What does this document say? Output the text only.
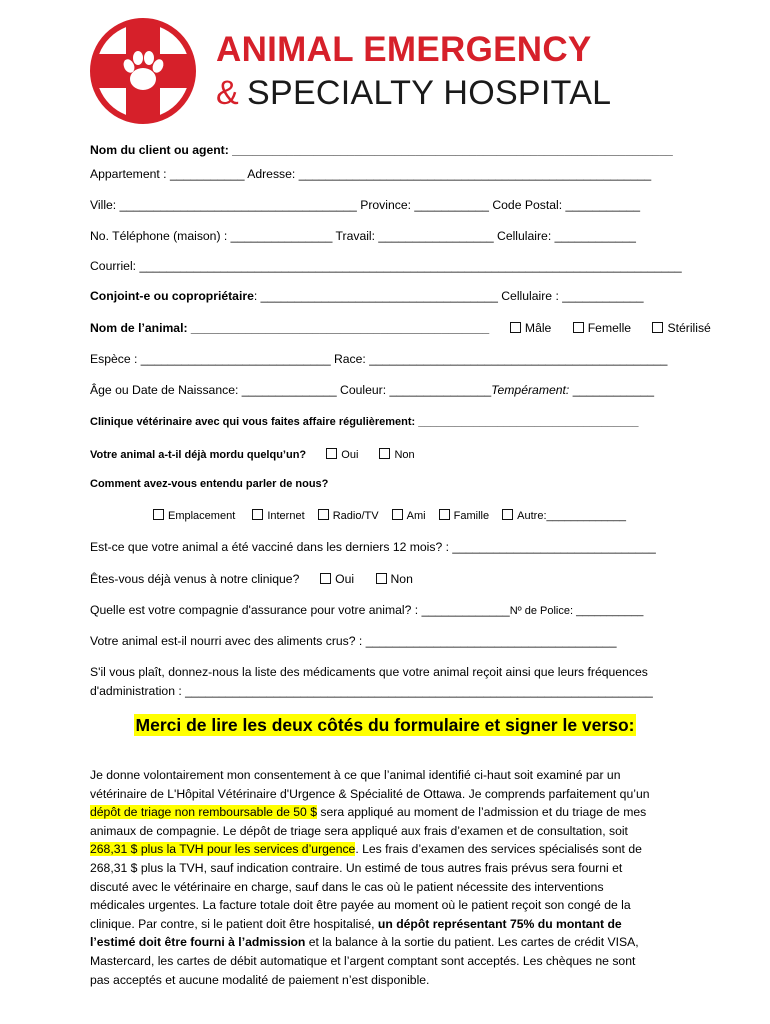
ANIMAL EMERGENCY
& SPECIALTY HOSPITAL
Nom du client ou agent: _________________________________________________________________
Appartement : ___________ Adresse: ____________________________________________________
Ville: ___________________________________ Province: ___________ Code Postal: ___________
No. Téléphone (maison) : _______________ Travail: _________________ Cellulaire: ____________
Courriel: ________________________________________________________________________________
Conjoint-e ou copropriétaire: ___________________________________ Cellulaire : ____________
Nom de l’animal: ____________________________________________	Mâle	Femelle	Stérilisé
Espèce : ____________________________ Race: ____________________________________________
Âge ou Date de Naissance: ______________ Couleur: _______________Tempérament: ____________
Clinique vétérinaire avec qui vous faites affaire régulièrement: ____________________________________
Votre animal a-t-il déjà mordu quelqu’un?	Oui	Non
Comment avez-vous entendu parler de nous?
Emplacement	Internet	Radio/TV	Ami	Famille	Autre:_____________
Est-ce que votre animal a été vacciné dans les derniers 12 mois? : ______________________________
Êtes-vous déjà venus à notre clinique?	Oui	Non
Quelle est votre compagnie d'assurance pour votre animal? : _____________Nº de Police: ___________
Votre animal est-il nourri avec des aliments crus? : _____________________________________
S'il vous plaît, donnez-nous la liste des médicaments que votre animal reçoit ainsi que leurs fréquences
d'administration : _____________________________________________________________________
Merci de lire les deux côtés du formulaire et signer le verso:
Je donne volontairement mon consentement à ce que l’animal identifié ci-haut soit examiné par un
vétérinaire de L'Hôpital Vétérinaire d'Urgence & Spécialité de Ottawa. Je comprends parfaitement qu’un
dépôt de triage non remboursable de 50 $ sera appliqué au moment de l’admission et du triage de mes
animaux de compagnie. Le dépôt de triage sera appliqué aux frais d’examen et de consultation, soit
268,31 $ plus la TVH pour les services d’urgence. Les frais d’examen des services spécialisés sont de
268,31 $ plus la TVH, sauf indication contraire. Un estimé de tous autres frais prévus sera fourni et
discuté avec le vétérinaire en charge, sauf dans le cas où le patient nécessite des interventions
médicales urgentes. La facture totale doit être payée au moment où le patient reçoit son congé de la
clinique. Par contre, si le patient doit être hospitalisé, un dépôt représentant 75% du montant de
l’estimé doit être fourni à l’admission et la balance à la sortie du patient. Les cartes de crédit VISA,
Mastercard, les cartes de débit automatique et l’argent comptant sont acceptés. Les chèques ne sont
pas acceptés et aucune modalité de paiement n’est disponible.
